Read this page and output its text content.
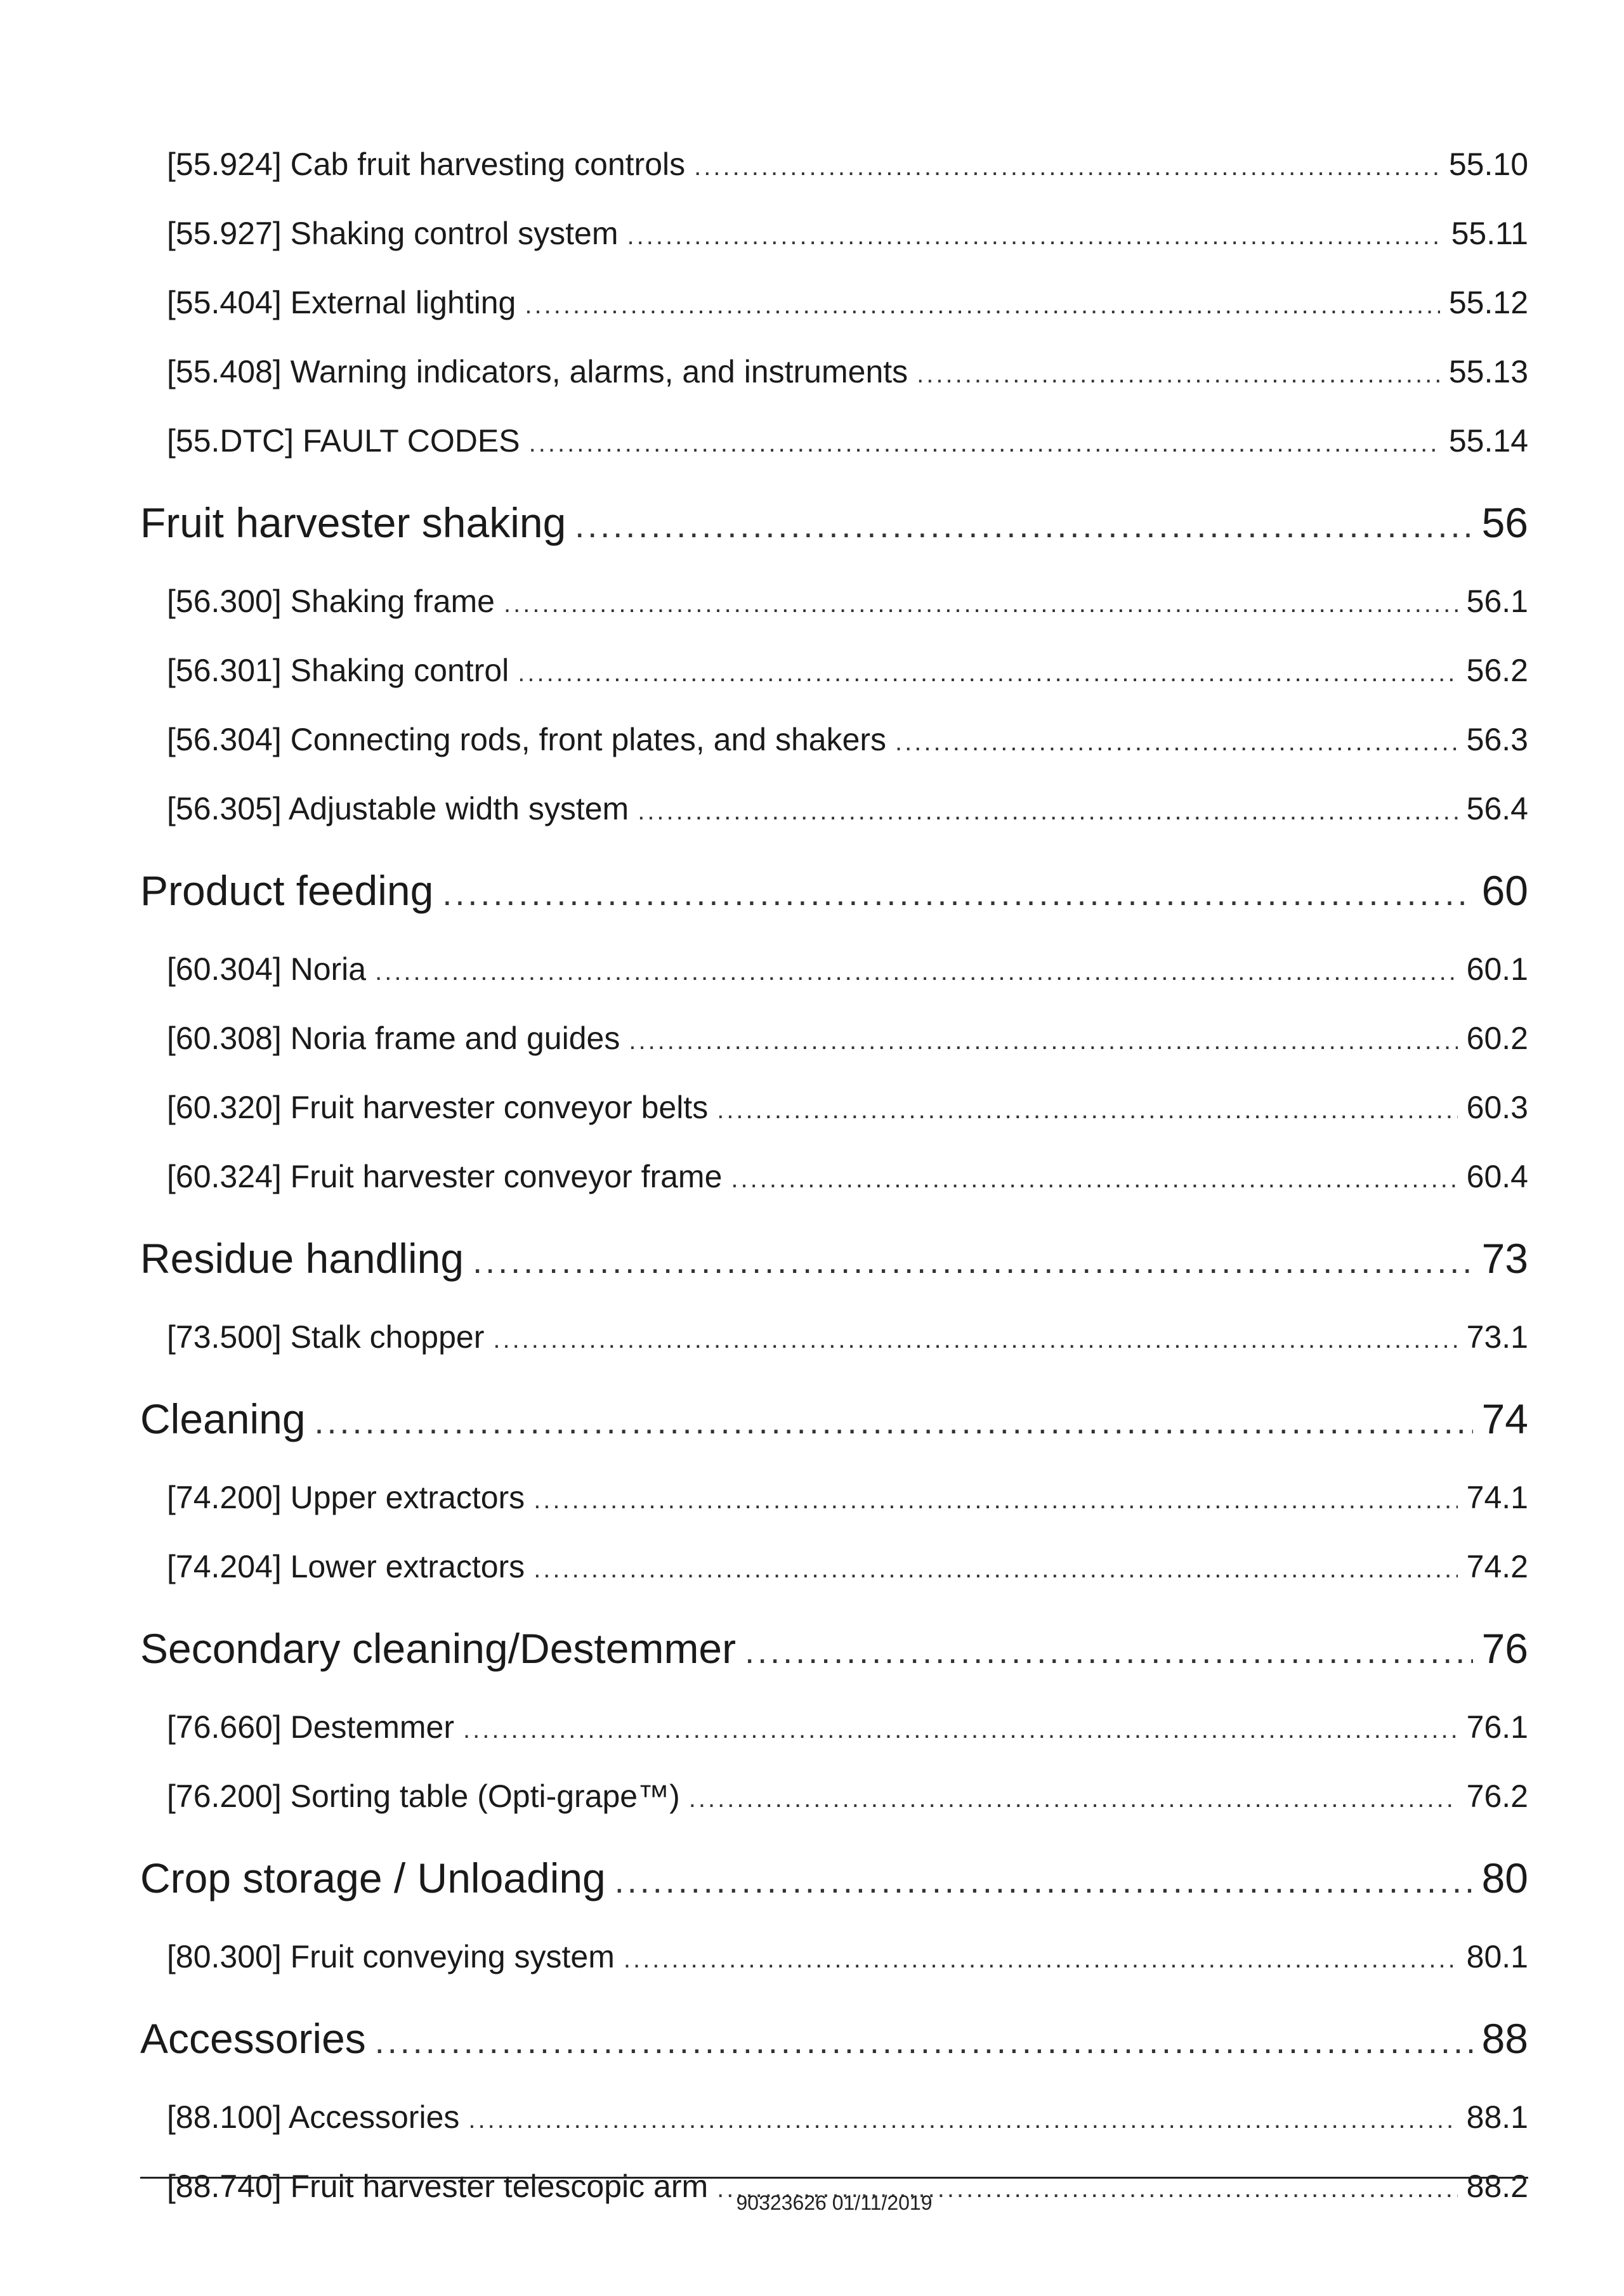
[55.924] Cab fruit harvesting controls .....	55.10
[55.927] Shaking control system .....	55.11
[55.404] External lighting .....	55.12
[55.408] Warning indicators, alarms, and instruments .....	55.13
[55.DTC] FAULT CODES .....	55.14
Fruit harvester shaking .....	56
[56.300] Shaking frame .....	56.1
[56.301] Shaking control .....	56.2
[56.304] Connecting rods, front plates, and shakers .....	56.3
[56.305] Adjustable width system .....	56.4
Product feeding .....	60
[60.304] Noria .....	60.1
[60.308] Noria frame and guides .....	60.2
[60.320] Fruit harvester conveyor belts .....	60.3
[60.324] Fruit harvester conveyor frame .....	60.4
Residue handling .....	73
[73.500] Stalk chopper .....	73.1
Cleaning .....	74
[74.200] Upper extractors .....	74.1
[74.204] Lower extractors .....	74.2
Secondary cleaning/Destemmer .....	76
[76.660] Destemmer .....	76.1
[76.200] Sorting table (Opti-grape™) .....	76.2
Crop storage / Unloading .....	80
[80.300] Fruit conveying system .....	80.1
Accessories .....	88
[88.100] Accessories .....	88.1
[88.740] Fruit harvester telescopic arm .....	88.2
90323626 01/11/2019
